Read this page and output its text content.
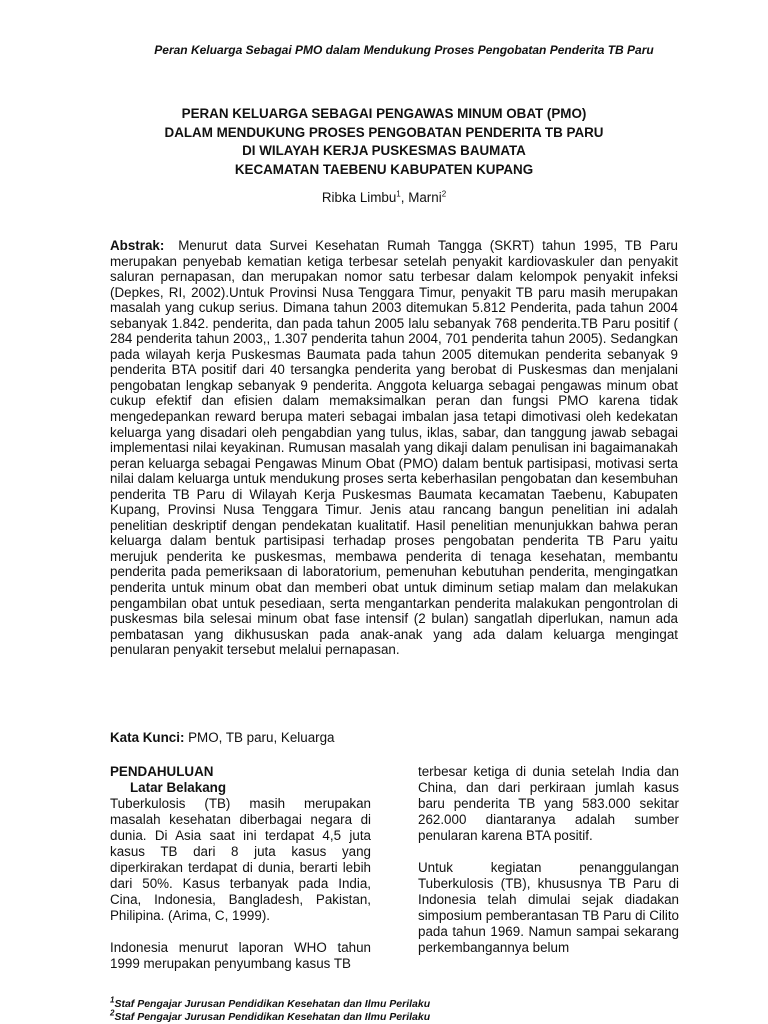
Peran Keluarga Sebagai PMO dalam Mendukung Proses Pengobatan Penderita TB Paru
PERAN KELUARGA SEBAGAI PENGAWAS MINUM OBAT (PMO)
DALAM MENDUKUNG PROSES PENGOBATAN PENDERITA TB PARU
DI WILAYAH KERJA PUSKESMAS BAUMATA
KECAMATAN TAEBENU KABUPATEN KUPANG
Ribka Limbu$^1$, Marni$^2$

Abstrak: Menurut data Survei Kesehatan Rumah Tangga (SKRT) tahun 1995, TB Paru merupakan penyebab kematian ketiga terbesar setelah penyakit kardiovaskuler dan penyakit saluran pernapasan, dan merupakan nomor satu terbesar dalam kelompok penyakit infeksi (Depkes, RI, 2002).Untuk Provinsi Nusa Tenggara Timur, penyakit TB paru masih merupakan masalah yang cukup serius. Dimana tahun 2003 ditemukan 5.812 Penderita, pada tahun 2004 sebanyak 1.842. penderita, dan pada tahun 2005 lalu sebanyak 768 penderita.TB Paru positif ( 284 penderita tahun 2003,, 1.307 penderita tahun 2004, 701 penderita tahun 2005). Sedangkan pada wilayah kerja Puskesmas Baumata pada tahun 2005 ditemukan penderita sebanyak 9 penderita BTA positif dari 40 tersangka penderita yang berobat di Puskesmas dan menjalani pengobatan lengkap sebanyak 9 penderita. Anggota keluarga sebagai pengawas minum obat cukup efektif dan efisien dalam memaksimalkan peran dan fungsi PMO karena tidak mengedepankan reward berupa materi sebagai imbalan jasa tetapi dimotivasi oleh kedekatan keluarga yang disadari oleh pengabdian yang tulus, iklas, sabar, dan tanggung jawab sebagai implementasi nilai keyakinan. Rumusan masalah yang dikaji dalam penulisan ini bagaimanakah peran keluarga sebagai Pengawas Minum Obat (PMO) dalam bentuk partisipasi, motivasi serta nilai dalam keluarga untuk mendukung proses serta keberhasilan pengobatan dan kesembuhan penderita TB Paru di Wilayah Kerja Puskesmas Baumata kecamatan Taebenu, Kabupaten Kupang, Provinsi Nusa Tenggara Timur. Jenis atau rancang bangun penelitian ini adalah penelitian deskriptif dengan pendekatan kualitatif. Hasil penelitian menunjukkan bahwa peran keluarga dalam bentuk partisipasi terhadap proses pengobatan penderita TB Paru yaitu merujuk penderita ke puskesmas, membawa penderita di tenaga kesehatan, membantu penderita pada pemeriksaan di laboratorium, pemenuhan kebutuhan penderita, mengingatkan penderita untuk minum obat dan memberi obat untuk diminum setiap malam dan melakukan pengambilan obat untuk pesediaan, serta mengantarkan penderita malakukan pengontrolan di puskesmas bila selesai minum obat fase intensif (2 bulan) sangatlah diperlukan, namun ada pembatasan yang dikhususkan pada anak-anak yang ada dalam keluarga mengingat penularan penyakit tersebut melalui pernapasan.

Kata Kunci: PMO, TB paru, Keluarga

PENDAHULUAN

Latar Belakang

Tuberkulosis (TB) masih merupakan masalah kesehatan diberbagai negara di dunia. Di Asia saat ini terdapat 4,5 juta kasus TB dari 8 juta kasus yang diperkirakan terdapat di dunia, berarti lebih dari 50%. Kasus terbanyak pada India, Cina, Indonesia, Bangladesh, Pakistan, Philipina. (Arima, C, 1999).

Indonesia menurut laporan WHO tahun 1999 merupakan penyumbang kasus TB

terbesar ketiga di dunia setelah India dan China, dan dari perkiraan jumlah kasus baru penderita TB yang 583.000 sekitar 262.000 diantaranya adalah sumber penularan karena BTA positif.

Untuk kegiatan penanggulangan Tuberkulosis (TB), khususnya TB Paru di Indonesia telah dimulai sejak diadakan simposium pemberantasan TB Paru di Cilito pada tahun 1969. Namun sampai sekarang perkembangannya belum

$^1$Staf Pengajar Jurusan Pendidikan Kesehatan dan Ilmu Perilaku
$^2$Staf Pengajar Jurusan Pendidikan Kesehatan dan Ilmu Perilaku
